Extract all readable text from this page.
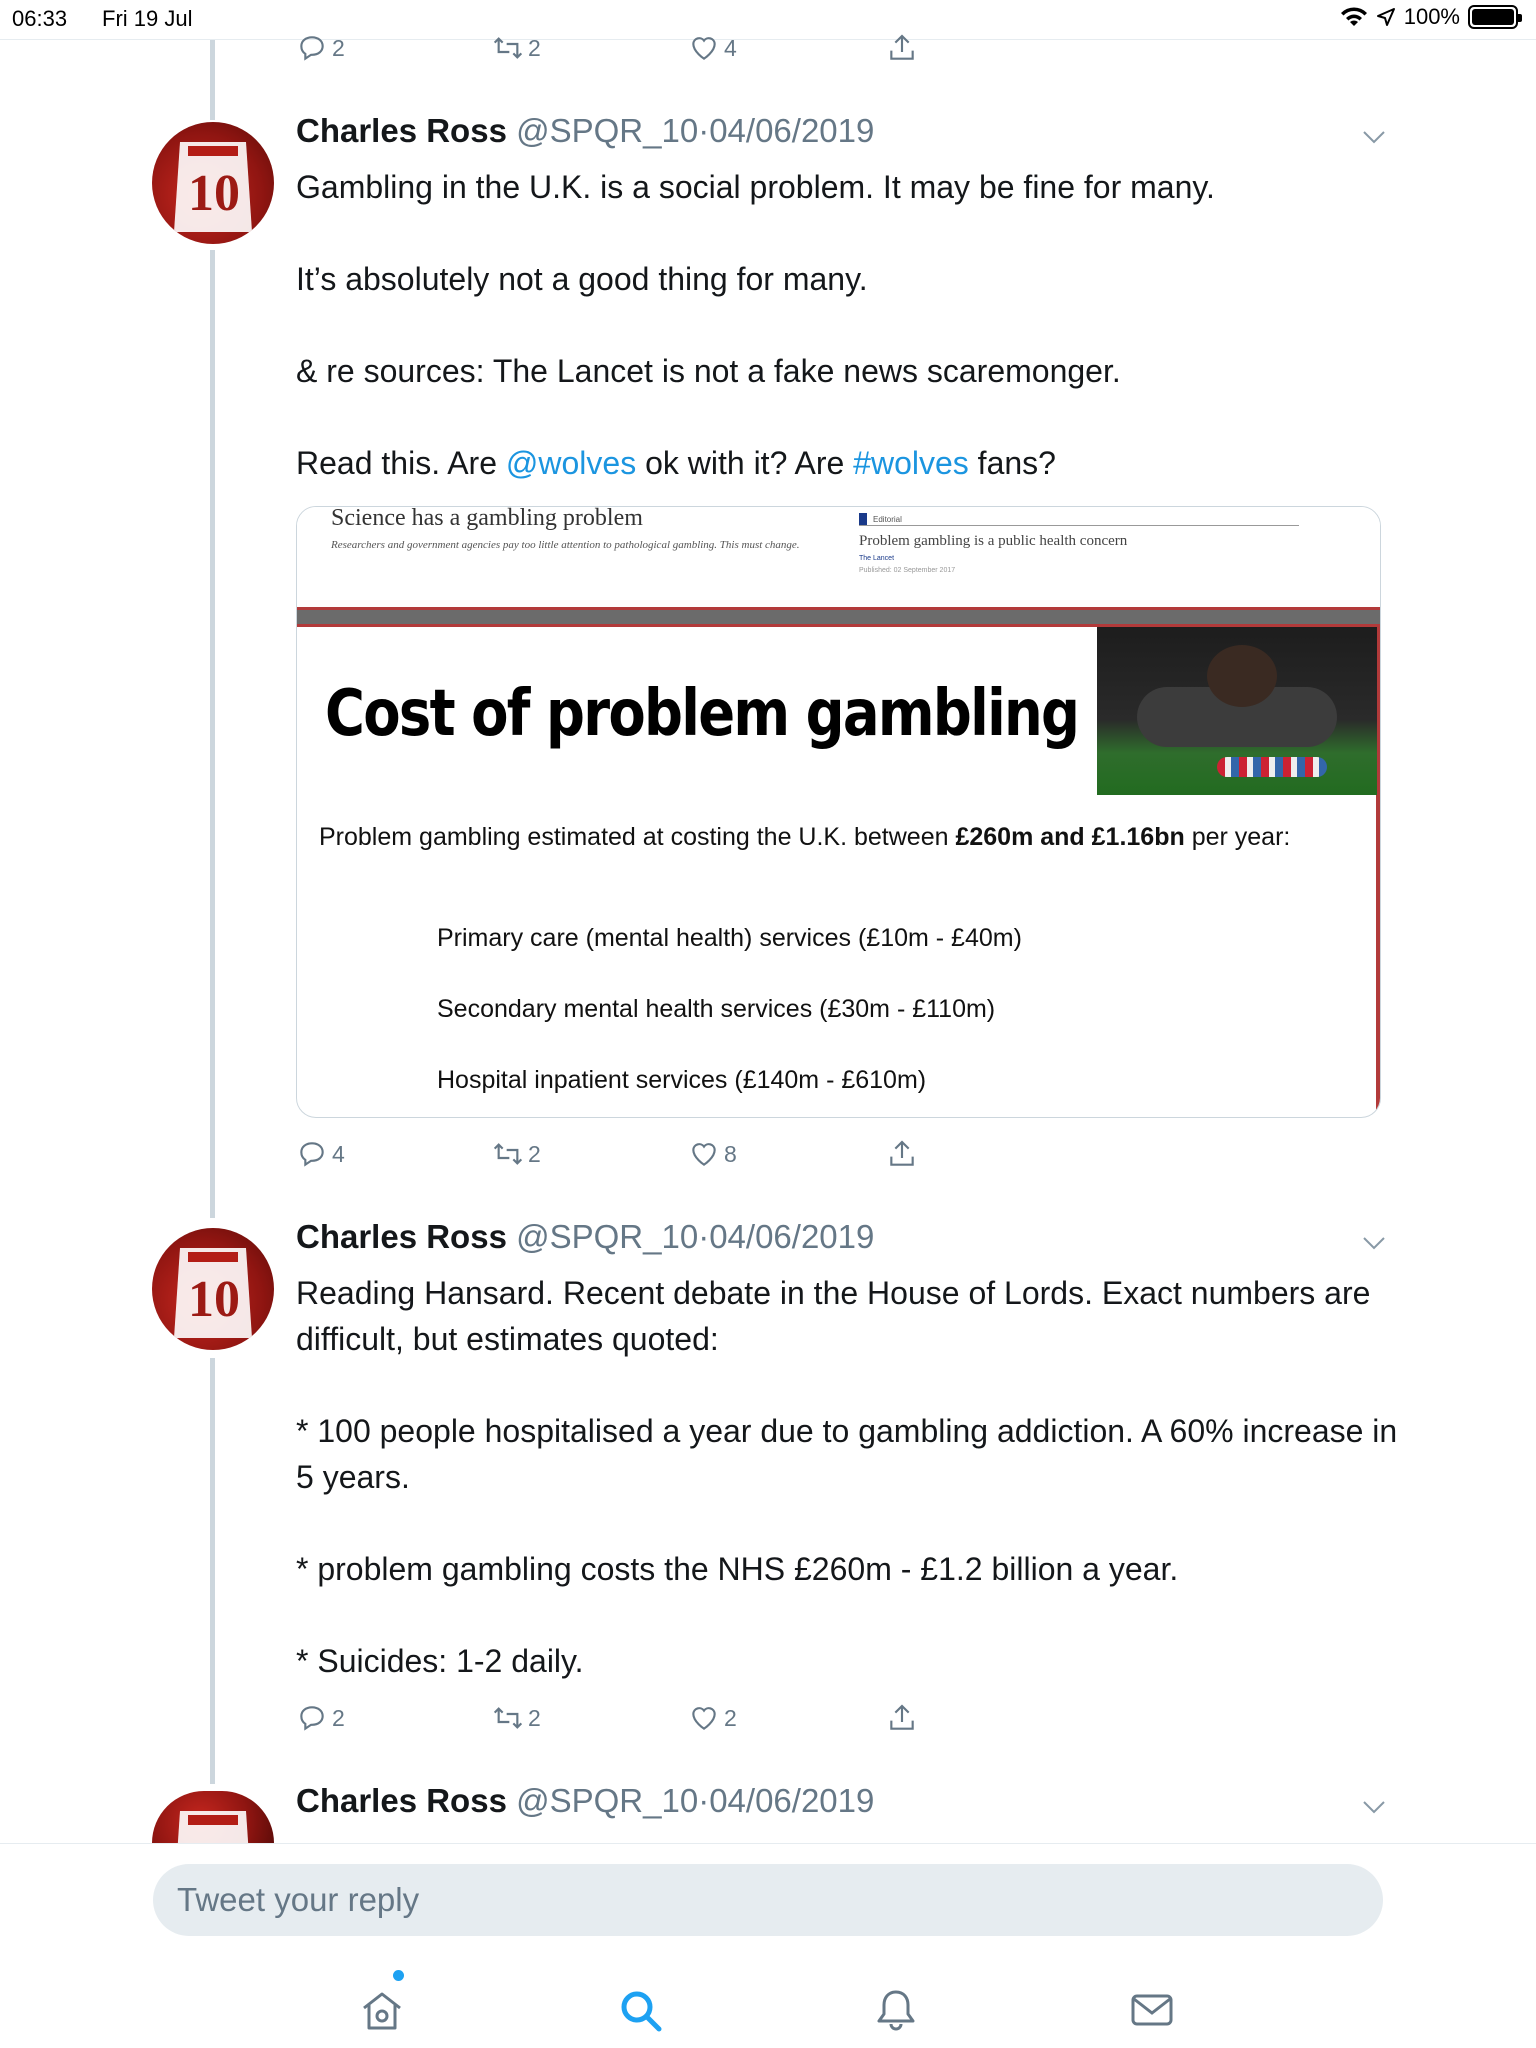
06:33 Fri 19 Jul	100%
2	2	4
10
Charles Ross @SPQR_10·04/06/2019

Gambling in the U.K. is a social problem. It may be fine for many.

It’s absolutely not a good thing for many.

& re sources: The Lancet is not a fake news scaremonger.

Read this. Are @wolves ok with it? Are #wolves fans?

Science has a gambling problem
Researchers and government agencies pay too little attention to pathological gambling. This must change.
Editorial
Problem gambling is a public health concern
The Lancet
Published: 02 September 2017
Cost of problem gambling
Problem gambling estimated at costing the U.K. between £260m and £1.16bn per year:
Primary care (mental health) services (£10m - £40m)
Secondary mental health services (£30m - £110m)
Hospital inpatient services (£140m - £610m)
4	2	8
10
Charles Ross @SPQR_10·04/06/2019

Reading Hansard. Recent debate in the House of Lords. Exact numbers are difficult, but estimates quoted:

* 100 people hospitalised a year due to gambling addiction. A 60% increase in 5 years.

* problem gambling costs the NHS £260m - £1.2 billion a year.

* Suicides: 1-2 daily.

2	2	2
Charles Ross @SPQR_10·04/06/2019
Tweet your reply
